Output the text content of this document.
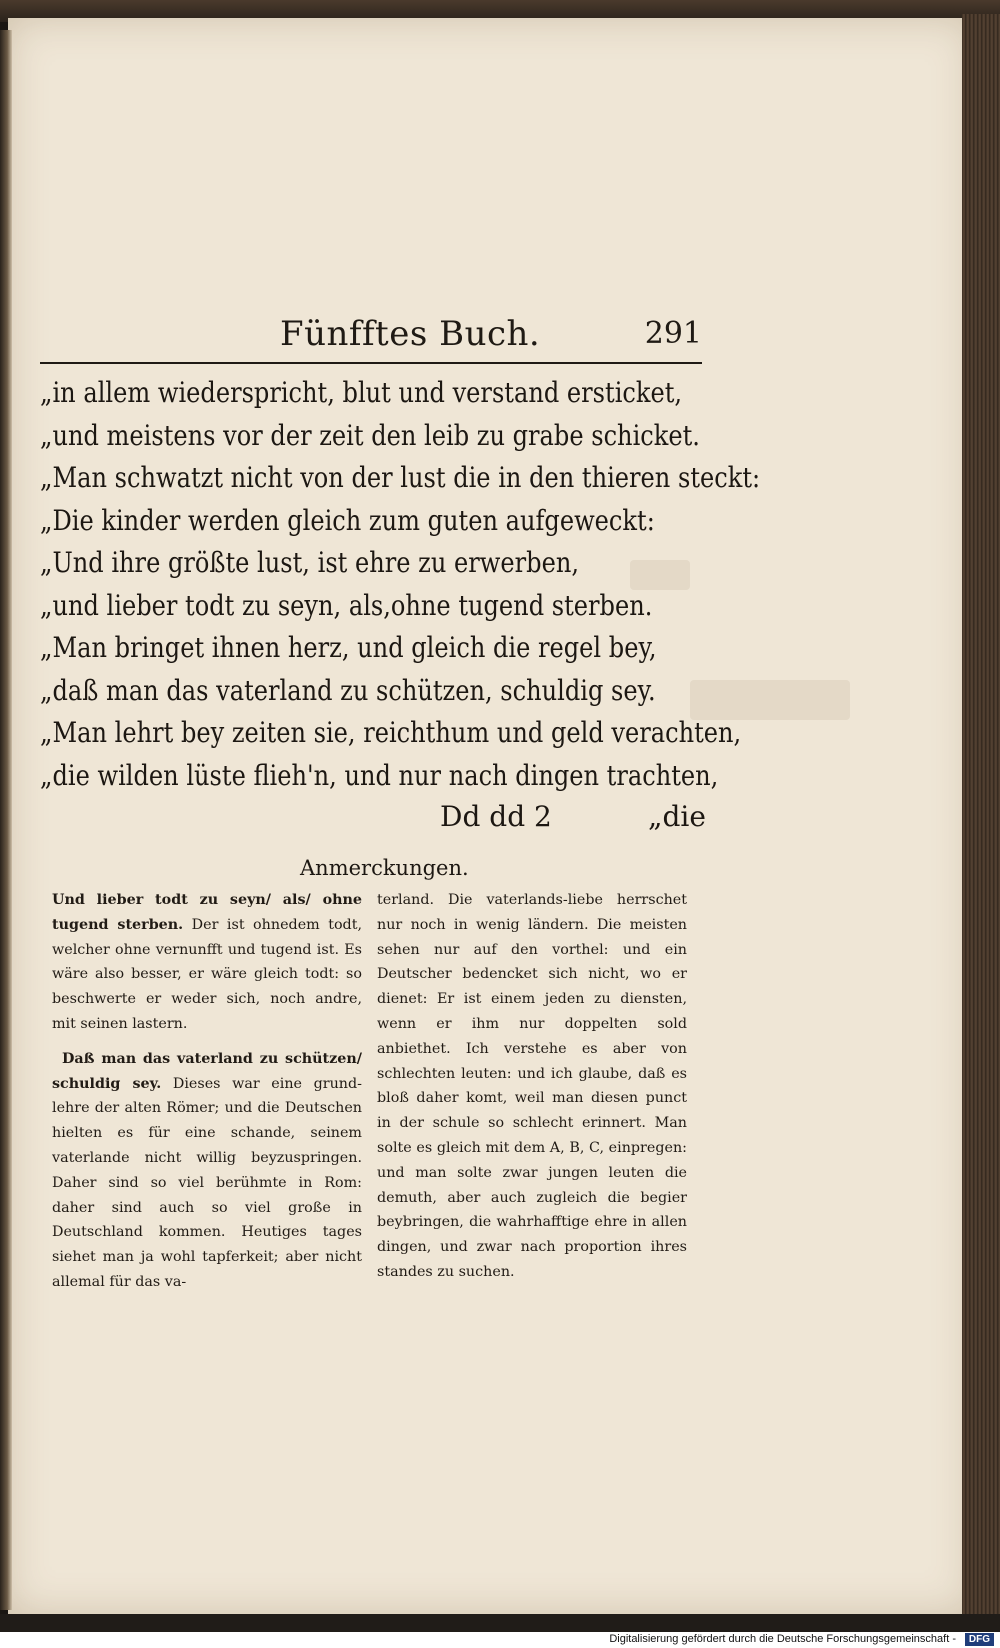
Fünfftes Buch.	291
„in allem wiederspricht, blut und verstand ersticket,
„und meistens vor der zeit den leib zu grabe schicket.
„Man schwatzt nicht von der lust die in den thieren steckt:
„Die kinder werden gleich zum guten aufgeweckt:
„Und ihre größte lust, ist ehre zu erwerben,
„und lieber todt zu seyn, als,ohne tugend sterben.
„Man bringet ihnen herz, und gleich die regel bey,
„daß man das vaterland zu schützen, schuldig sey.
„Man lehrt bey zeiten sie, reichthum und geld verachten,
„die wilden lüste flieh'n, und nur nach dingen trachten,
Dd dd 2	„die
Anmerckungen.

Und lieber todt zu seyn/ als/ ohne tugend sterben. Der ist ohnedem todt, welcher ohne vernunfft und tugend ist. Es wäre also besser, er wäre gleich todt: so beschwerte er weder sich, noch andre, mit seinen lastern.

Daß man das vaterland zu schützen/ schuldig sey. Dieses war eine grund-lehre der alten Römer; und die Deutschen hielten es für eine schande, seinem vaterlande nicht willig beyzuspringen. Daher sind so viel berühmte in Rom: daher sind auch so viel große in Deutschland kommen. Heutiges tages siehet man ja wohl tapferkeit; aber nicht allemal für das va-

terland. Die vaterlands-liebe herrschet nur noch in wenig ländern. Die meisten sehen nur auf den vorthel: und ein Deutscher bedencket sich nicht, wo er dienet: Er ist einem jeden zu diensten, wenn er ihm nur doppelten sold anbiethet. Ich verstehe es aber von schlechten leuten: und ich glaube, daß es bloß daher komt, weil man diesen punct in der schule so schlecht erinnert. Man solte es gleich mit dem A, B, C, einpregen: und man solte zwar jungen leuten die demuth, aber auch zugleich die begier beybringen, die wahrhafftige ehre in allen dingen, und zwar nach proportion ihres standes zu suchen.

Digitalisierung gefördert durch die Deutsche Forschungsgemeinschaft -	DFG
